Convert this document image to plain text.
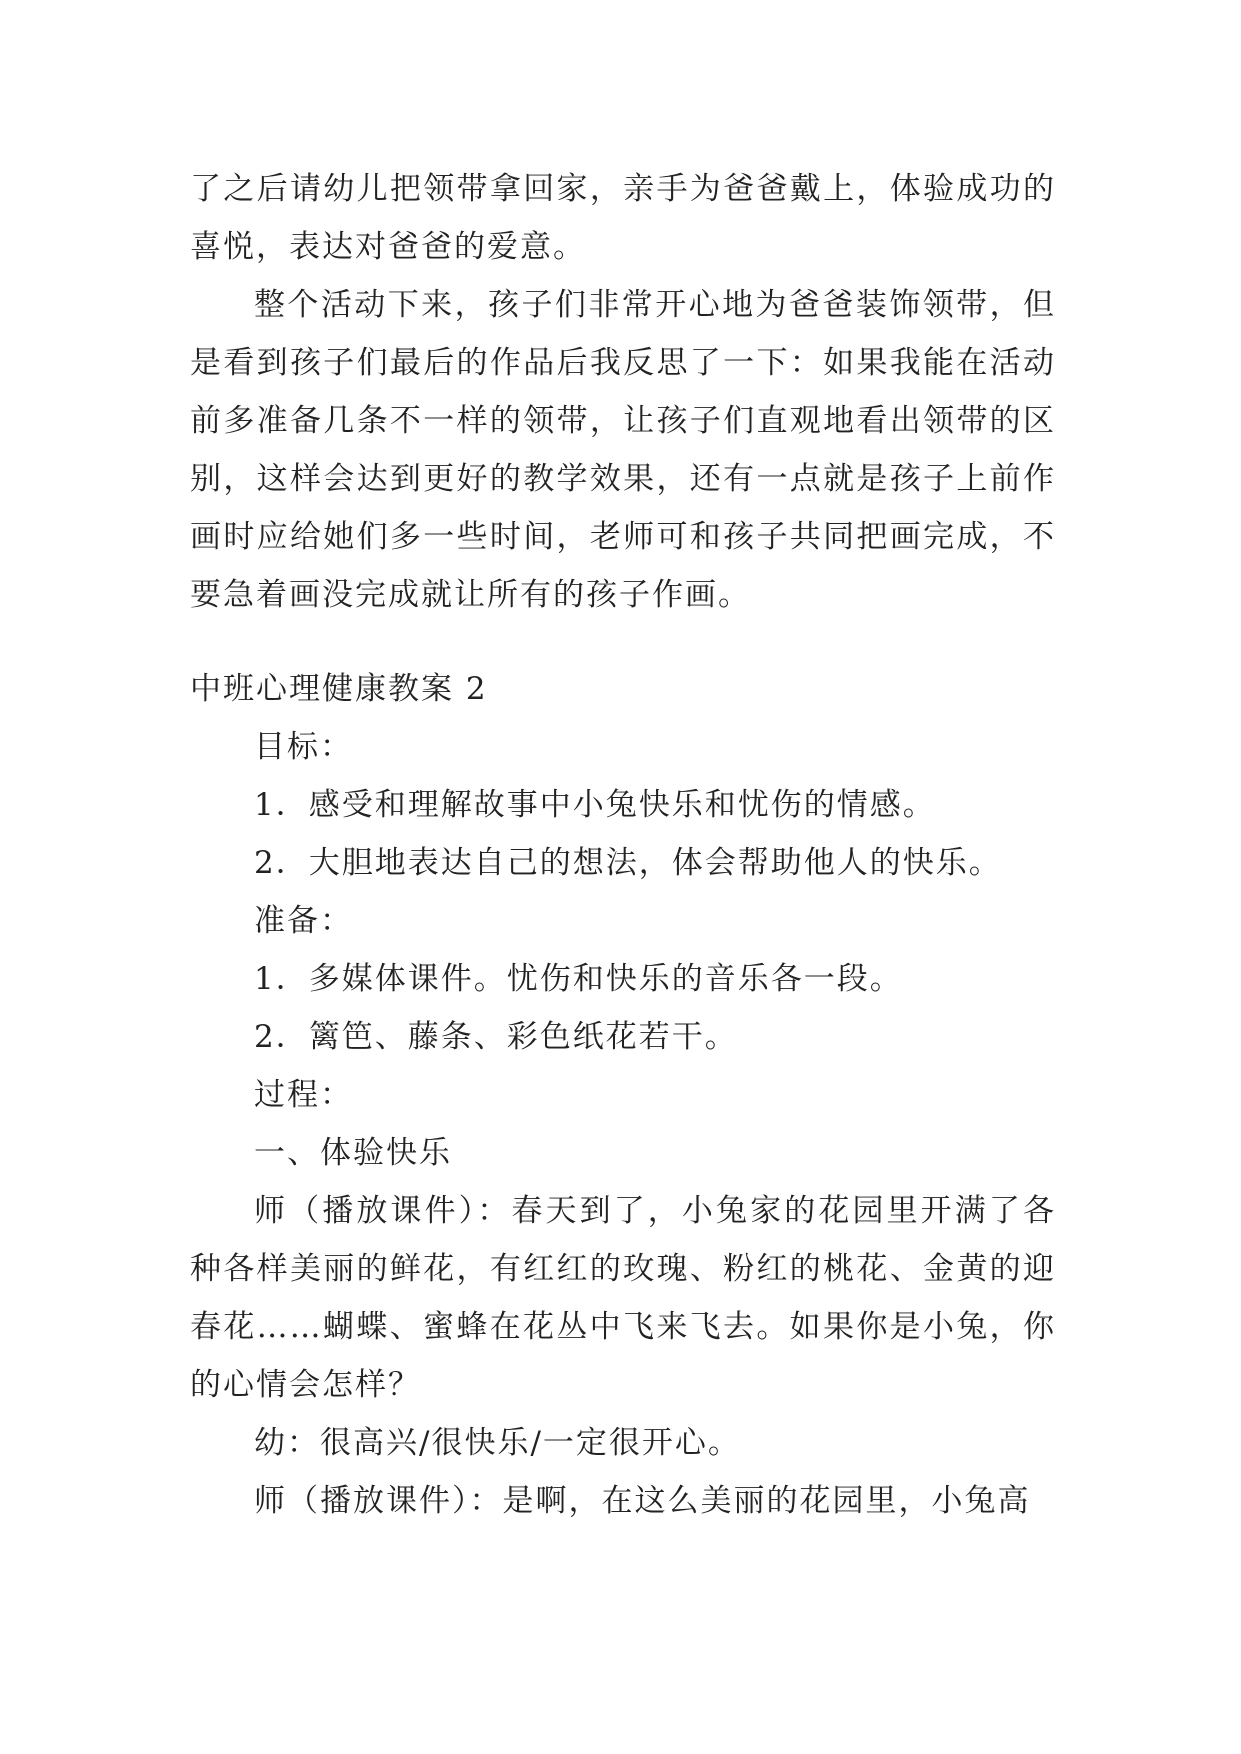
了之后请幼儿把领带拿回家，亲手为爸爸戴上，体验成功的喜悦，表达对爸爸的爱意。

整个活动下来，孩子们非常开心地为爸爸装饰领带，但是看到孩子们最后的作品后我反思了一下：如果我能在活动前多准备几条不一样的领带，让孩子们直观地看出领带的区别，这样会达到更好的教学效果，还有一点就是孩子上前作画时应给她们多一些时间，老师可和孩子共同把画完成，不要急着画没完成就让所有的孩子作画。

中班心理健康教案 2

目标：

1．感受和理解故事中小兔快乐和忧伤的情感。

2．大胆地表达自己的想法，体会帮助他人的快乐。

准备：

1．多媒体课件。忧伤和快乐的音乐各一段。

2．篱笆、藤条、彩色纸花若干。

过程：

一、体验快乐

师（播放课件）：春天到了，小兔家的花园里开满了各种各样美丽的鲜花，有红红的玫瑰、粉红的桃花、金黄的迎春花……蝴蝶、蜜蜂在花丛中飞来飞去。如果你是小兔，你的心情会怎样？

幼：很高兴/很快乐/一定很开心。

师（播放课件）：是啊，在这么美丽的花园里，小兔高
